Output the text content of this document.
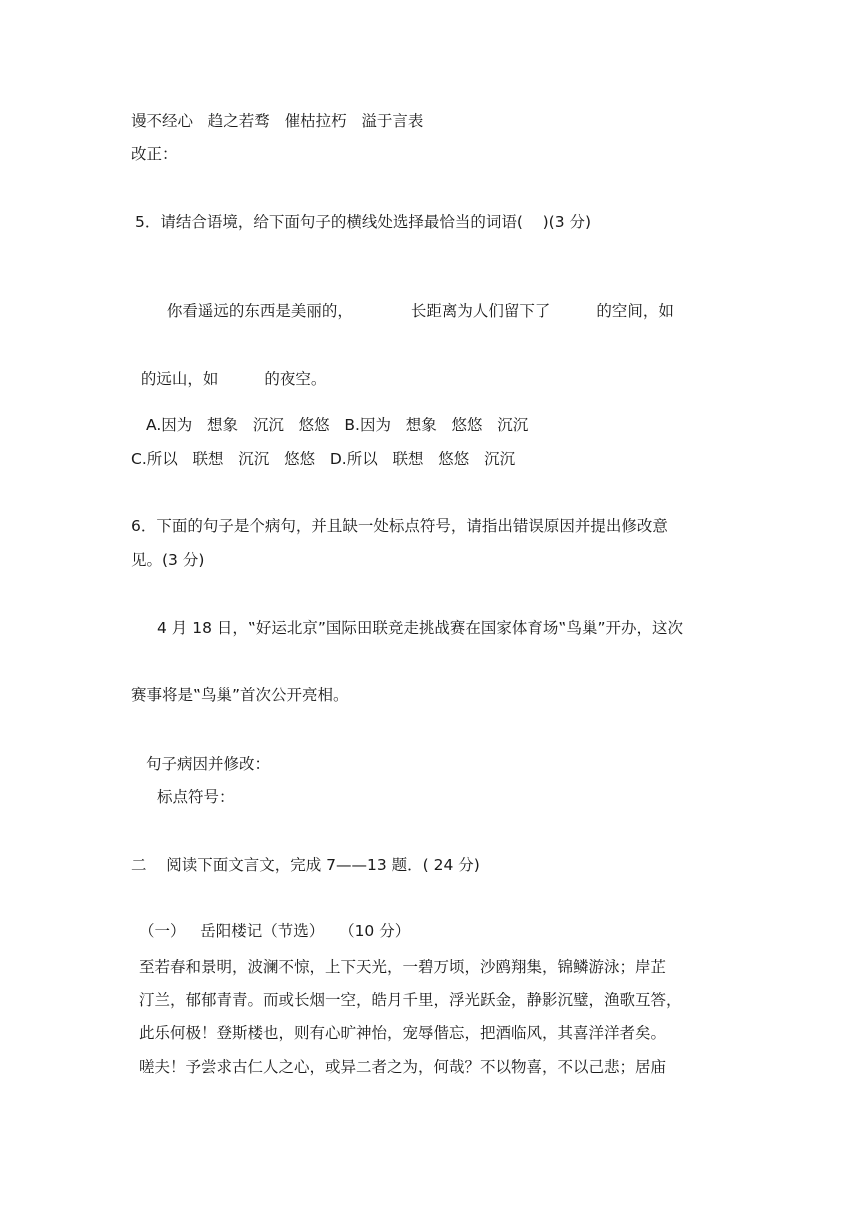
谩不经心   趋之若骛   催枯拉朽   溢于言表
改正：
5．请结合语境，给下面句子的横线处选择最恰当的词语(    )(3 分)

你看遥远的东西是美丽的，	长距离为人们留下了	的空间，如

的远山，如	的夜空。

A.因为   想象   沉沉   悠悠   B.因为   想象   悠悠   沉沉
C.所以   联想   沉沉   悠悠   D.所以   联想   悠悠   沉沉
6．下面的句子是个病句，并且缺一处标点符号，请指出错误原因并提出修改意
见。(3 分)
4 月 18 日，‟好运北京”国际田联竞走挑战赛在国家体育场‟鸟巢”开办，这次
赛事将是‟鸟巢”首次公开亮相。
句子病因并修改：
标点符号：
二    阅读下面文言文，完成 7——13 题．( 24 分)
（一）   岳阳楼记（节选）   （10 分）
至若春和景明，波澜不惊，上下天光，一碧万顷，沙鸥翔集，锦鳞游泳；岸芷
汀兰，郁郁青青。而或长烟一空，皓月千里，浮光跃金，静影沉璧，渔歌互答，
此乐何极！登斯楼也，则有心旷神怡，宠辱偕忘，把酒临风，其喜洋洋者矣。
嗟夫！予尝求古仁人之心，或异二者之为，何哉？不以物喜，不以己悲；居庙
